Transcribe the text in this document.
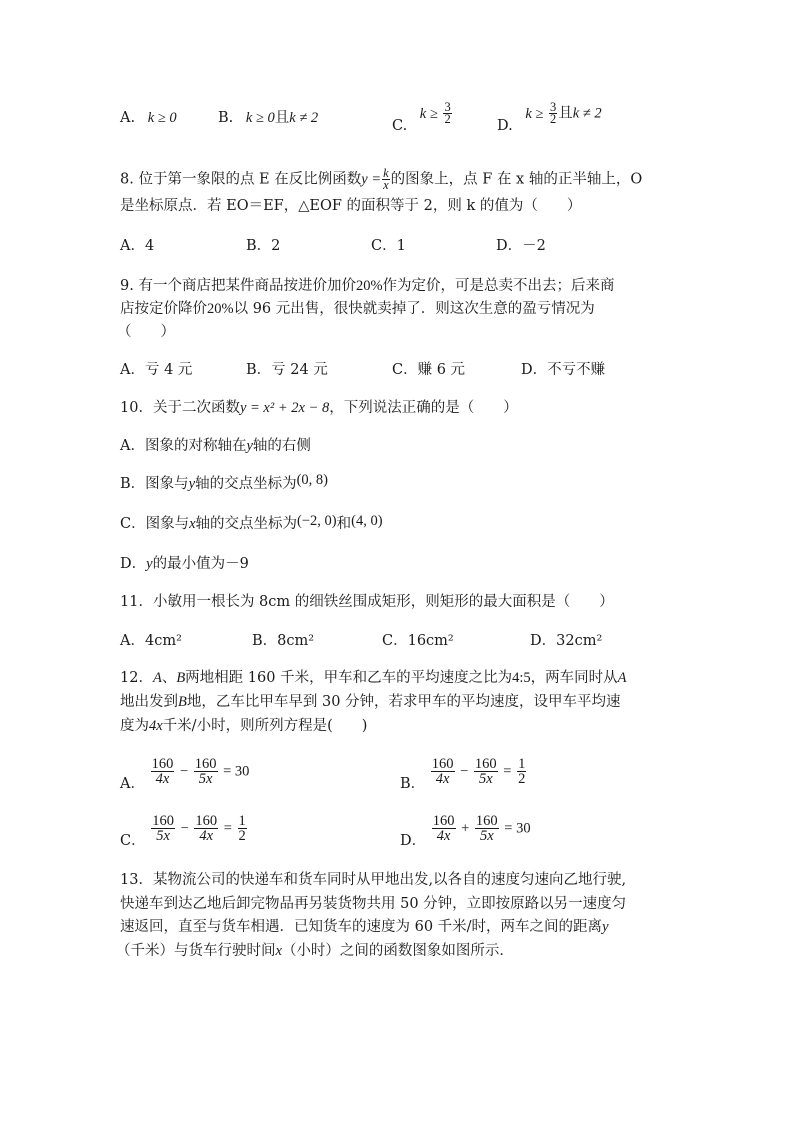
A. k ≥ 0	B. k ≥ 0且k ≠ 2	C. $k \ge \frac{3}{2}$
D. $k \ge \frac{3}{2}$ 且k ≠ 2
8. 位于第一象限的点 E 在反比例函数$y = \frac{k}{x}$ 的图象上，点 F 在 x 轴的正半轴上，O
是坐标原点．若 EO＝EF，△EOF 的面积等于 2，则 k 的值为（　　）
A．4	B．2	C．1	D．－2
9. 有一个商店把某件商品按进价加价20%作为定价，可是总卖不出去；后来商
店按定价降价20%以 96 元出售，很快就卖掉了．则这次生意的盈亏情况为
（　　）
A．亏 4 元	B．亏 24 元	C．赚 6 元	D．不亏不赚
10．关于二次函数y = x² + 2x − 8，下列说法正确的是（　　）
A．图象的对称轴在y轴的右侧
B．图象与y轴的交点坐标为(0, 8)
C．图象与x轴的交点坐标为(−2, 0)和(4, 0)
D．y的最小值为－9
11．小敏用一根长为 8cm 的细铁丝围成矩形，则矩形的最大面积是（　　）
A．4cm²	B．8cm²	C．16cm²	D．32cm²
12．A、B两地相距 160 千米，甲车和乙车的平均速度之比为4:5，两车同时从A
地出发到B地，乙车比甲车早到 30 分钟，若求甲车的平均速度，设甲车平均速
度为4x千米/小时，则所列方程是(　　)
A． $\frac{160}{4x} - \frac{160}{5x} = 30$
B． $\frac{160}{4x} - \frac{160}{5x} = \frac{1}{2}$
C． $\frac{160}{5x} - \frac{160}{4x} = \frac{1}{2}$	D． $\frac{160}{4x} + \frac{160}{5x} = 30$
13．某物流公司的快递车和货车同时从甲地出发,以各自的速度匀速向乙地行驶,
快递车到达乙地后卸完物品再另装货物共用 50 分钟，立即按原路以另一速度匀
速返回，直至与货车相遇．已知货车的速度为 60 千米/时，两车之间的距离y
（千米）与货车行驶时间x（小时）之间的函数图象如图所示．
